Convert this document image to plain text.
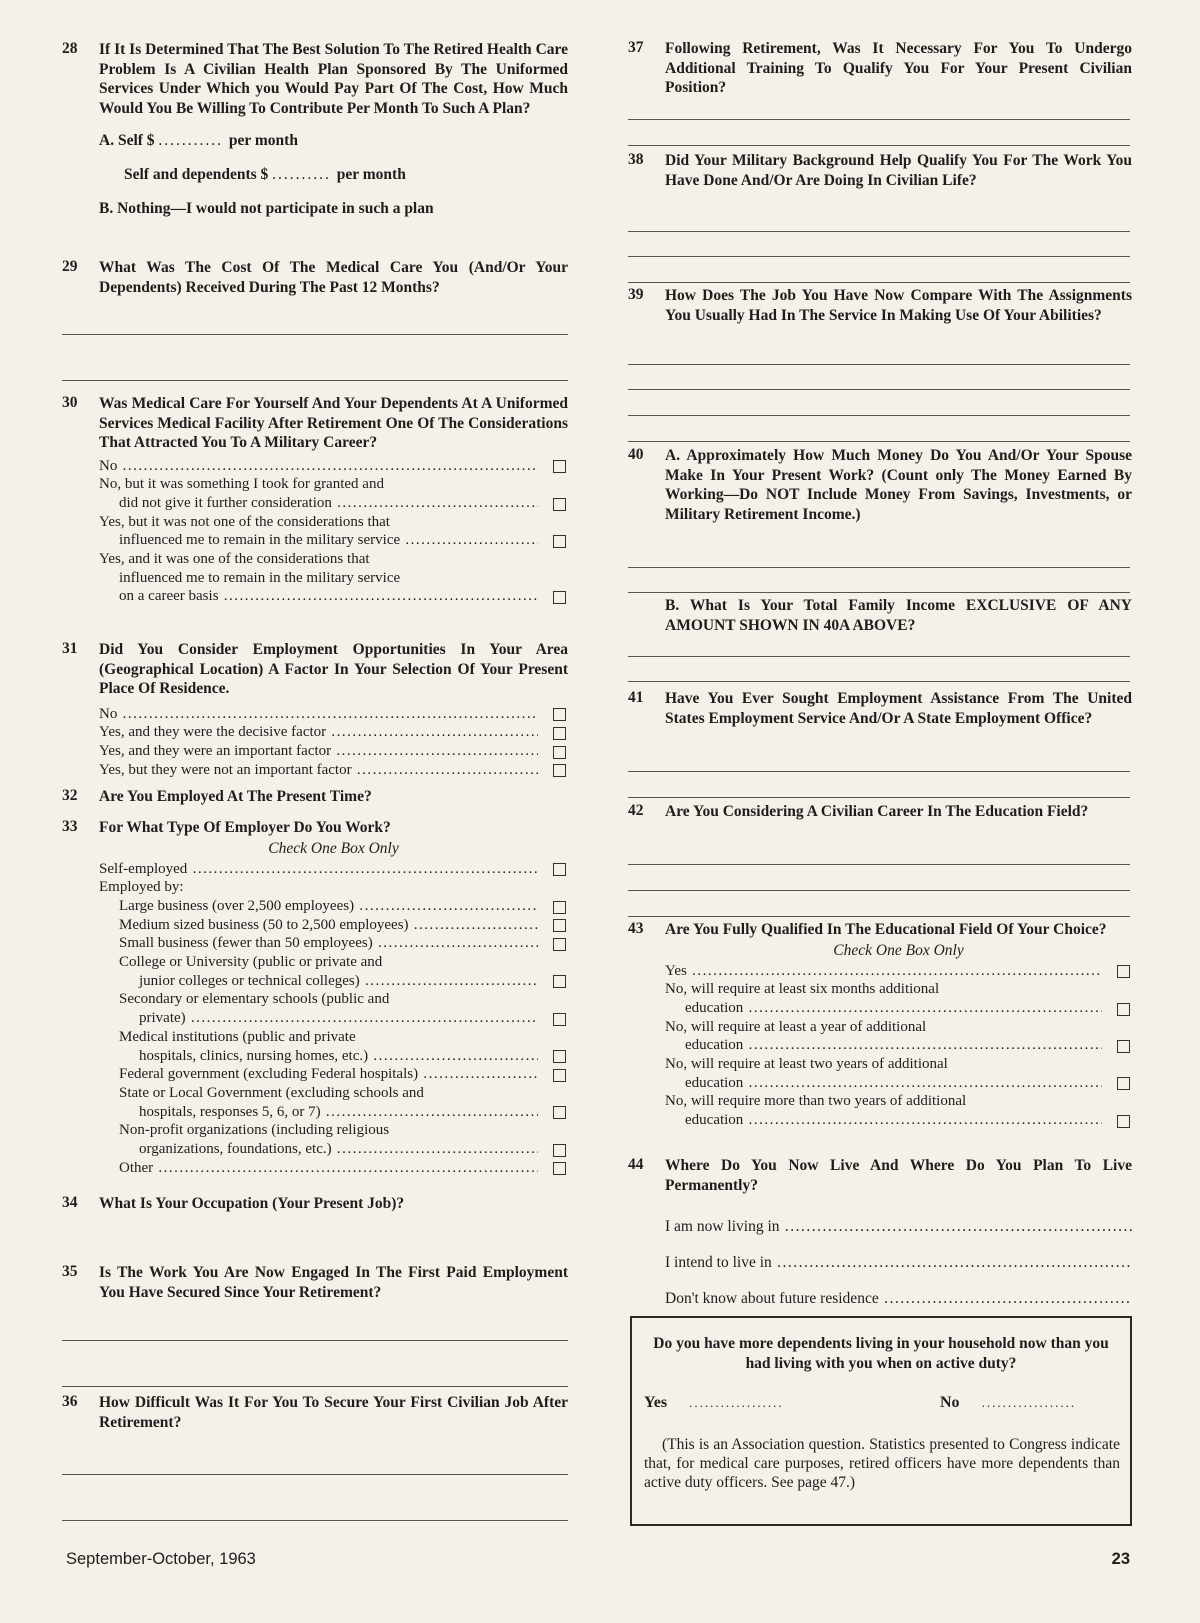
28 If It Is Determined That The Best Solution To The Retired Health Care Problem Is A Civilian Health Plan Sponsored By The Uniformed Services Under Which you Would Pay Part Of The Cost, How Much Would You Be Willing To Contribute Per Month To Such A Plan?
A. Self $ ........... per month
Self and dependents $ .......... per month
B. Nothing—I would not participate in such a plan
29 What Was The Cost Of The Medical Care You (And/Or Your Dependents) Received During The Past 12 Months?
30 Was Medical Care For Yourself And Your Dependents At A Uniformed Services Medical Facility After Retirement One Of The Considerations That Attracted You To A Military Career?
No .....
No, but it was something I took for granted and
did not give it further consideration .....
Yes, but it was not one of the considerations that
influenced me to remain in the military service .....
Yes, and it was one of the considerations that
influenced me to remain in the military service
on a career basis .....
31 Did You Consider Employment Opportunities In Your Area (Geographical Location) A Factor In Your Selection Of Your Present Place Of Residence.
No .....
Yes, and they were the decisive factor .....
Yes, and they were an important factor .....
Yes, but they were not an important factor .....
32 Are You Employed At The Present Time?
33 For What Type Of Employer Do You Work?
Check One Box Only
Self-employed .....
Employed by:
Large business (over 2,500 employees) .....
Medium sized business (50 to 2,500 employees) .....
Small business (fewer than 50 employees) .....
College or University (public or private and
junior colleges or technical colleges) .....
Secondary or elementary schools (public and
private) .....
Medical institutions (public and private
hospitals, clinics, nursing homes, etc.) .....
Federal government (excluding Federal hospitals) .....
State or Local Government (excluding schools and
hospitals, responses 5, 6, or 7) .....
Non-profit organizations (including religious
organizations, foundations, etc.) .....
Other .....
34 What Is Your Occupation (Your Present Job)?
35 Is The Work You Are Now Engaged In The First Paid Employment You Have Secured Since Your Retirement?
36 How Difficult Was It For You To Secure Your First Civilian Job After Retirement?
37 Following Retirement, Was It Necessary For You To Undergo Additional Training To Qualify You For Your Present Civilian Position?
38 Did Your Military Background Help Qualify You For The Work You Have Done And/Or Are Doing In Civilian Life?
39 How Does The Job You Have Now Compare With The Assignments You Usually Had In The Service In Making Use Of Your Abilities?
40 A. Approximately How Much Money Do You And/Or Your Spouse Make In Your Present Work? (Count only The Money Earned By Working—Do NOT Include Money From Savings, Investments, or Military Retirement Income.)
B. What Is Your Total Family Income EXCLUSIVE OF ANY AMOUNT SHOWN IN 40A ABOVE?
41 Have You Ever Sought Employment Assistance From The United States Employment Service And/Or A State Employment Office?
42 Are You Considering A Civilian Career In The Education Field?
43 Are You Fully Qualified In The Educational Field Of Your Choice?
Check One Box Only
Yes .....
No, will require at least six months additional
education .....
No, will require at least a year of additional
education .....
No, will require at least two years of additional
education .....
No, will require more than two years of additional
education .....
44 Where Do You Now Live And Where Do You Plan To Live Permanently?
I am now living in .....
I intend to live in .....
Don't know about future residence .....
Do you have more dependents living in your household now than you had living with you when on active duty?
Yes ..................	No ..................
(This is an Association question. Statistics presented to Congress indicate that, for medical care purposes, retired officers have more dependents than active duty officers. See page 47.)
September-October, 1963	23
